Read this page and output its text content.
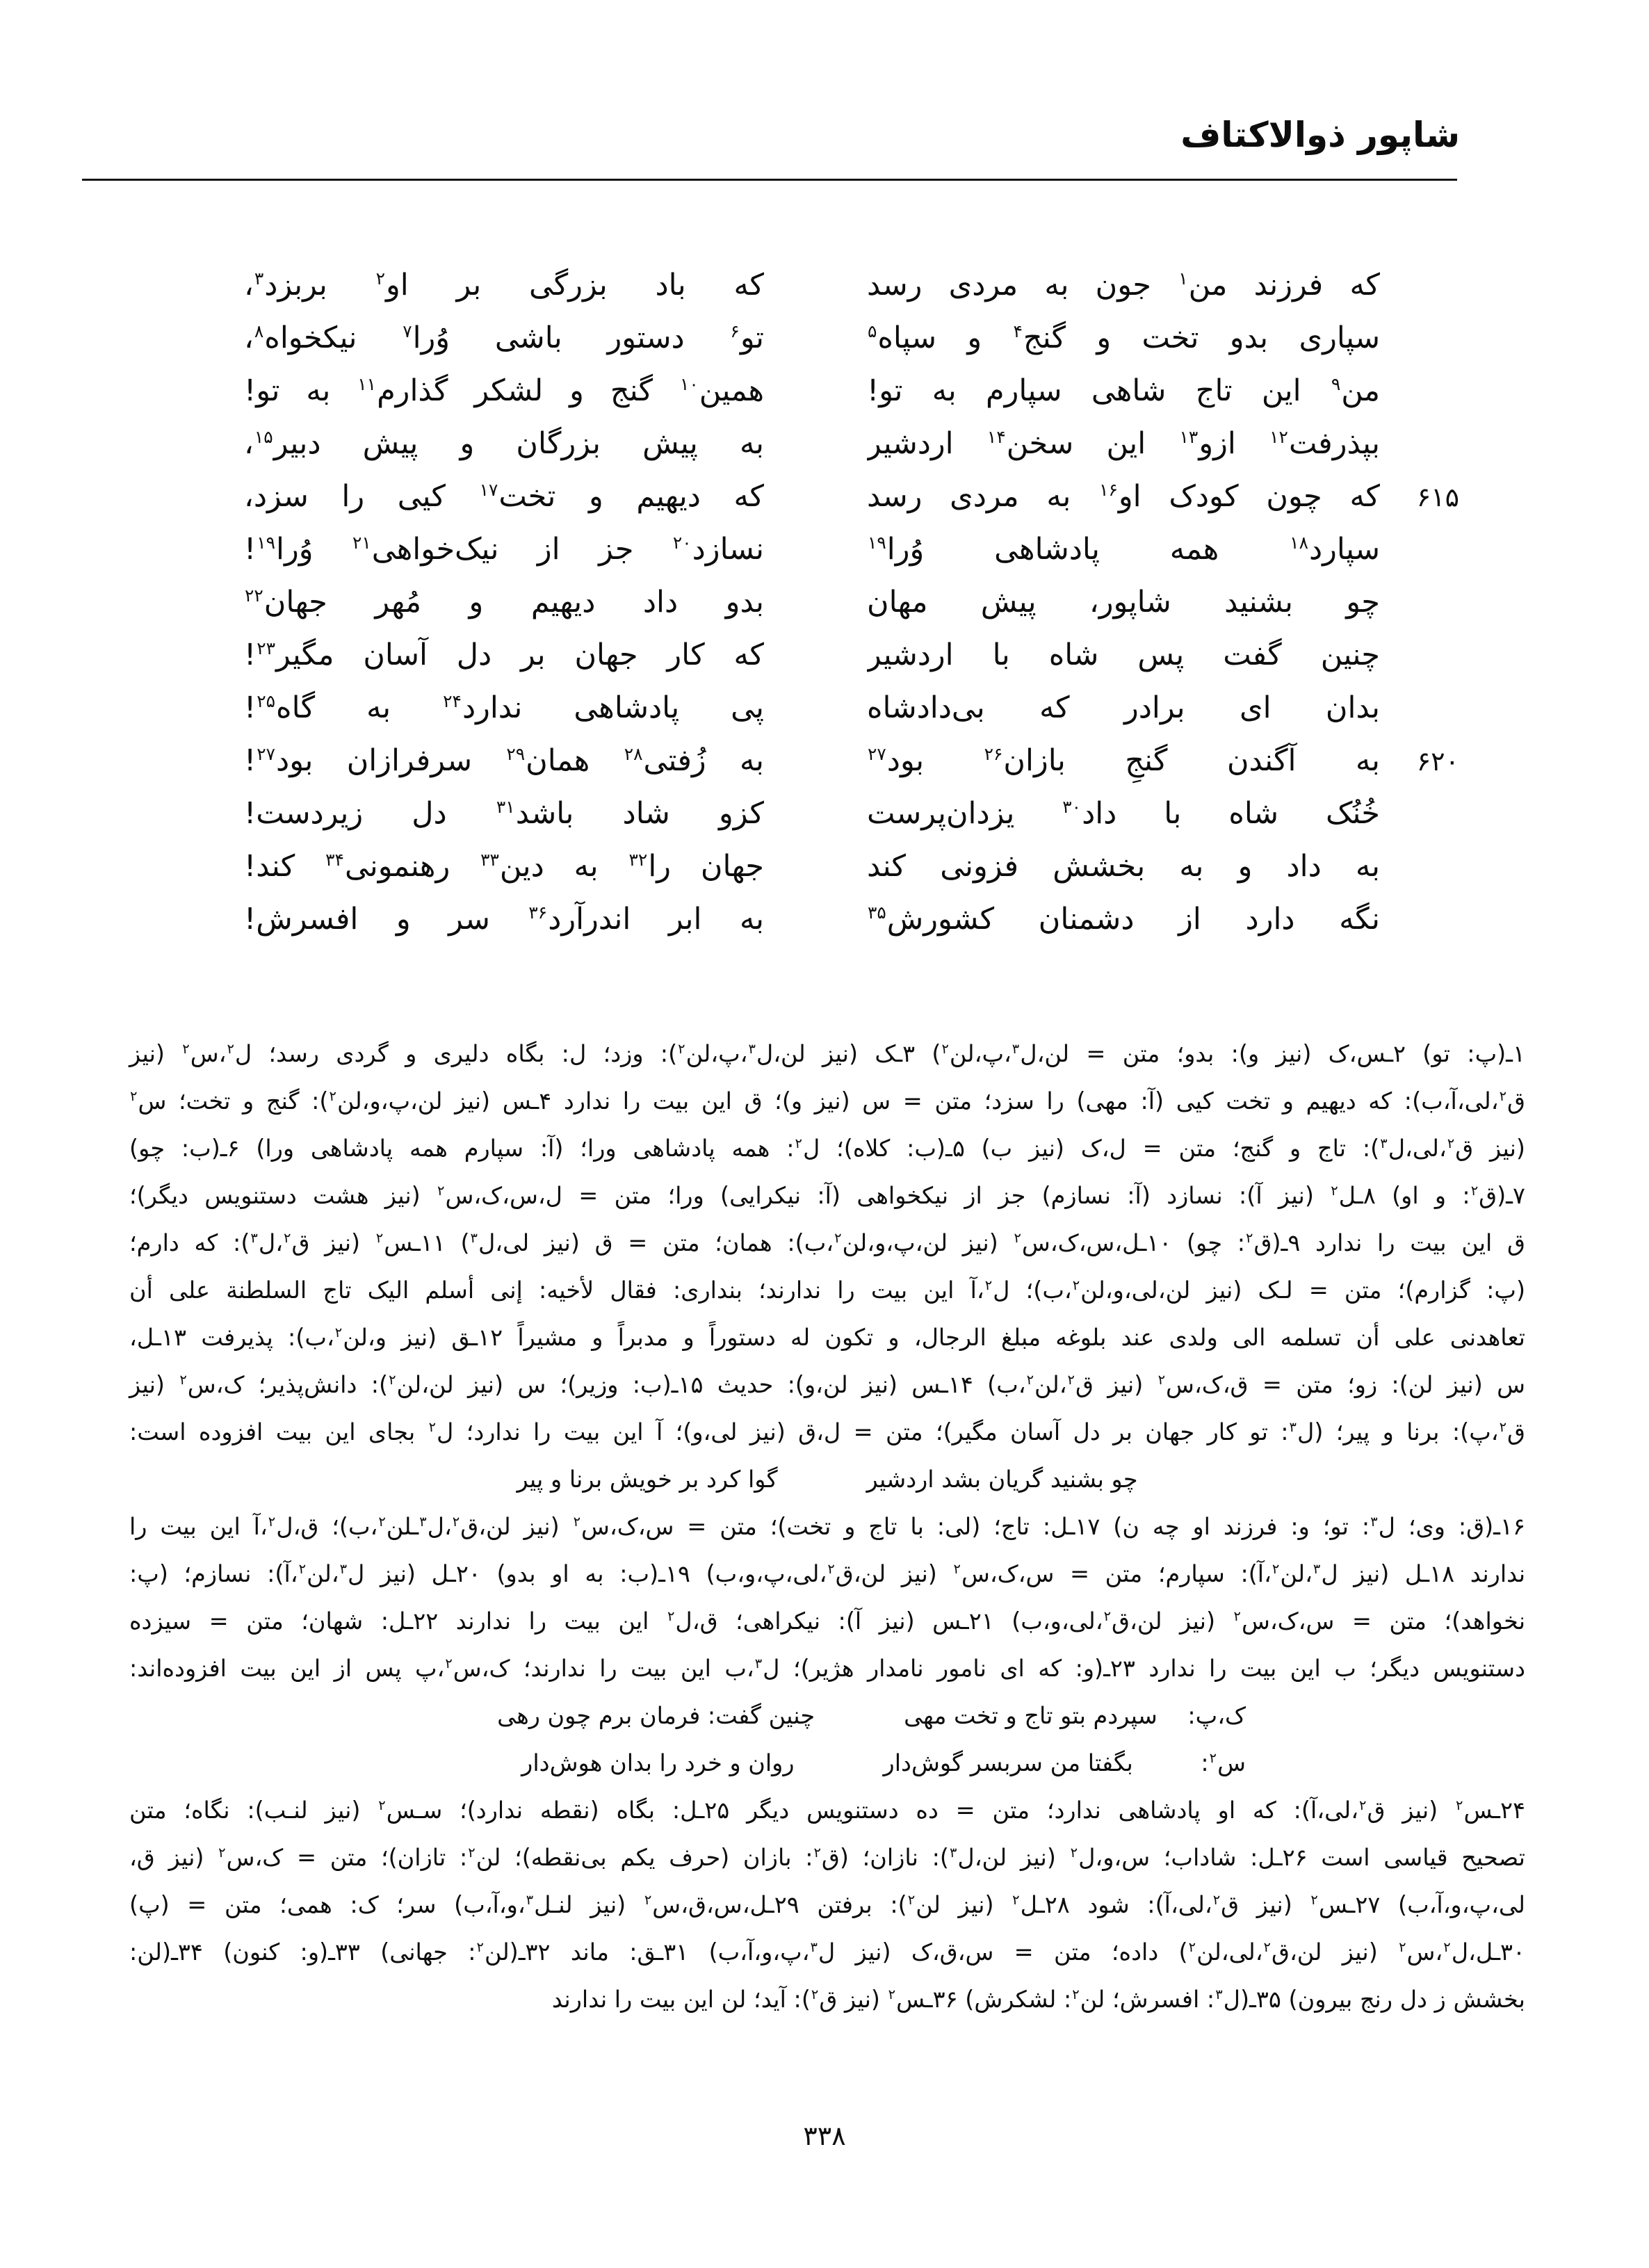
شاپور ذوالاکتاف
که فرزند من$^۱$ جون به مردی رسد
که باد بزرگی بر او$^۲$ بربزد$^۳$،
سپاری بدو تخت و گنج$^۴$ و سپاه$^۵$
تو$^۶$ دستور باشی وُرا$^۷$ نیکخواه$^۸$،
من$^۹$ این تاج شاهی سپارم به تو!
همین$^{۱۰}$ گنج و لشکر گذارم$^{۱۱}$ به تو!
بپذرفت$^{۱۲}$ ازو$^{۱۳}$ این سخن$^{۱۴}$ اردشیر
به پیش بزرگان و پیش دبیر$^{۱۵}$،
۶۱۵
که چون کودک او$^{۱۶}$ به مردی رسد
که دیهیم و تخت$^{۱۷}$ کیی را سزد،
سپارد$^{۱۸}$ همه پادشاهی وُرا$^{۱۹}$
نسازد$^{۲۰}$ جز از نیک‌خواهی$^{۲۱}$ وُرا$^{۱۹}$!
چو بشنید شاپور، پیش مهان
بدو داد دیهیم و مُهر جهان$^{۲۲}$
چنین گفت پس شاه با اردشیر
که کار جهان بر دل آسان مگیر$^{۲۳}$!
بدان ای برادر که بی‌دادشاه
پی پادشاهی ندارد$^{۲۴}$ به گاه$^{۲۵}$!
۶۲۰
به آگندن گنجِ بازان$^{۲۶}$ بود$^{۲۷}$
به زُفتی$^{۲۸}$ همان$^{۲۹}$ سرفرازان بود$^{۲۷}$!
خُنُک شاه با داد$^{۳۰}$ یزدان‌پرست
کزو شاد باشد$^{۳۱}$ دل زیردست!
به داد و به بخشش فزونی کند
جهان را$^{۳۲}$ به دین$^{۳۳}$ رهنمونی$^{۳۴}$ کند!
نگه دارد از دشمنان کشورش$^{۳۵}$
به ابر اندرآرد$^{۳۶}$ سر و افسرش!
۱ـ(پ: تو) ۲ـس،ک (نیز و): بدو؛ متن = لن،ل$^۳$،پ،لن$^۲$) ۳ـک (نیز لن،ل$^۳$،پ،لن$^۲$): وزد؛ ل: بگاه دلیری و گردی رسد؛ ل$^۲$،س$^۲$ (نیز
ق$^۲$،لی،آ،ب): که دیهیم و تخت کیی (آ: مهی) را سزد؛ متن = س (نیز و)؛ ق این بیت را ندارد ۴ـس (نیز لن،پ،و،لن$^۲$): گنج و تخت؛ س$^۲$
(نیز ق$^۲$،لی،ل$^۳$): تاج و گنج؛ متن = ل،ک (نیز ب) ۵ـ(ب: کلاه)؛ ل$^۲$: همه پادشاهی ورا؛ (آ: سپارم همه پادشاهی ورا) ۶ـ(ب: چو)
۷ـ(ق$^۲$: و او) ۸ـل$^۲$ (نیز آ): نسازد (آ: نسازم) جز از نیکخواهی (آ: نیکرایی) ورا؛ متن = ل،س،ک،س$^۲$ (نیز هشت دستنویس دیگر)؛
ق این بیت را ندارد ۹ـ(ق$^۲$: چو) ۱۰ـل،س،ک،س$^۲$ (نیز لن،پ،و،لن$^۲$،ب): همان؛ متن = ق (نیز لی،ل$^۳$) ۱۱ـس$^۲$ (نیز ق$^۲$،ل$^۳$): که دارم؛
(پ: گزارم)؛ متن = لـک (نیز لن،لی،و،لن$^۲$،ب)؛ ل$^۲$،آ این بیت را ندارند؛ بنداری: فقال لأخیه: إنی أسلم الیک تاج السلطنة علی أن
تعاهدنی علی أن تسلمه الی ولدی عند بلوغه مبلغ الرجال، و تکون له دستوراً و مدبراً و مشیراً ۱۲ـق (نیز و،لن$^۲$،ب): پذیرفت ۱۳ـل،
س (نیز لن): زو؛ متن = ق،ک،س$^۲$ (نیز ق$^۲$،لن$^۲$،ب) ۱۴ـس (نیز لن،و): حدیث ۱۵ـ(ب: وزیر)؛ س (نیز لن،لن$^۲$): دانش‌پذیر؛ ک،س$^۲$ (نیز
ق$^۲$،پ): برنا و پیر؛ (ل$^۳$: تو کار جهان بر دل آسان مگیر)؛ متن = ل،ق (نیز لی،و)؛ آ این بیت را ندارد؛ ل$^۲$ بجای این بیت افزوده است:
چو بشنید گریان بشد اردشیر
گوا کرد بر خویش برنا و پیر
۱۶ـ(ق: وی؛ ل$^۳$: تو؛ و: فرزند او چه ن) ۱۷ـل: تاج؛ (لی: با تاج و تخت)؛ متن = س،ک،س$^۲$ (نیز لن،ق$^۲$،ل$^۳$ـلن$^۲$،ب)؛ ق،ل$^۲$،آ این بیت را
ندارند ۱۸ـل (نیز ل$^۳$،لن$^۲$،آ): سپارم؛ متن = س،ک،س$^۲$ (نیز لن،ق$^۲$،لی،پ،و،ب) ۱۹ـ(ب: به او بدو) ۲۰ـل (نیز ل$^۳$،لن$^۲$،آ): نسازم؛ (پ:
نخواهد)؛ متن = س،ک،س$^۲$ (نیز لن،ق$^۲$،لی،و،ب) ۲۱ـس (نیز آ): نیکراهی؛ ق،ل$^۲$ این بیت را ندارند ۲۲ـل: شهان؛ متن = سیزده
دستنویس دیگر؛ ب این بیت را ندارد ۲۳ـ(و: که ای نامور نامدار هژیر)؛ ل$^۳$،ب این بیت را ندارند؛ ک،س$^۲$،پ پس از این بیت افزوده‌اند:
ک،پ:
سپردم بتو تاج و تخت مهی
چنین گفت: فرمان برم چون رهی
س$^۲$:
بگفتا من سربسر گوش‌دار
روان و خرد را بدان هوش‌دار
۲۴ـس$^۲$ (نیز ق$^۲$،لی،آ): که او پادشاهی ندارد؛ متن = ده دستنویس دیگر ۲۵ـل: بگاه (نقطه ندارد)؛ سـس$^۲$ (نیز لنـب): نگاه؛ متن
تصحیح قیاسی است ۲۶ـل: شاداب؛ س،و،ل$^۲$ (نیز لن،ل$^۳$): نازان؛ (ق$^۲$: بازان (حرف یکم بی‌نقطه)؛ لن$^۲$: تازان)؛ متن = ک،س$^۲$ (نیز ق،
لی،پ،و،آ،ب) ۲۷ـس$^۲$ (نیز ق$^۲$،لی،آ): شود ۲۸ـل$^۲$ (نیز لن$^۲$): برفتن ۲۹ـل،س،ق،س$^۲$ (نیز لنـل$^۳$،و،آ،ب) سر؛ ک: همی؛ متن = (پ)
۳۰ـل،ل$^۲$،س$^۲$ (نیز لن،ق$^۲$،لی،لن$^۲$) داده؛ متن = س،ق،ک (نیز ل$^۳$،پ،و،آ،ب) ۳۱ـق: ماند ۳۲ـ(لن$^۲$: جهانی) ۳۳ـ(و: کنون) ۳۴ـ(لن:
بخشش ز دل رنج بیرون) ۳۵ـ(ل$^۳$: افسرش؛ لن$^۲$: لشکرش) ۳۶ـس$^۲$ (نیز ق$^۲$): آید؛ لن این بیت را ندارند
۳۳۸
